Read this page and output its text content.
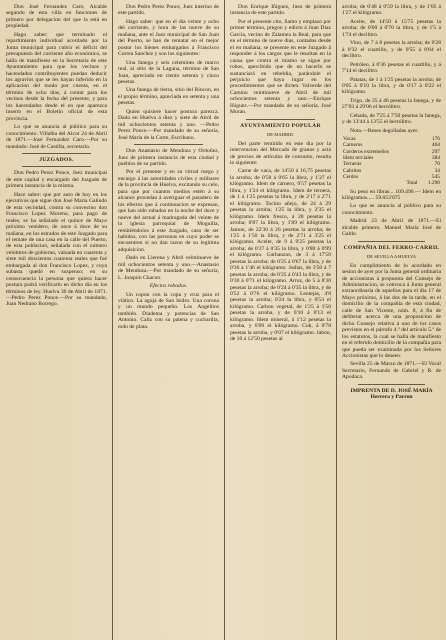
Don José Fernandez Caro, Alcalde segundo de esta villa en funciones de primero por delegacion del que la está en propiedad.

Hago saber: que terminado el repartimiento individual acordado por la Junta municipal para cubrir el déficit del presupuesto del corriente año económico, se halla de manifiesto en la Secretaría de este Ayuntamiento para que los vecinos y hacendados contribuyentes puedan deducir los agravios que se les hayan inferido en la aplicacion del modo por cuenta, en el término de ocho dias, á contar para los vecinos desde la fecha del presente, y para los hacendados desde el en que aparezca inserto en el Boletin oficial de esta provincia.

Lo que se anuncia al público para su conocimiento. Villalba del Alcor 24 de Abril de 1871.—José Fernandez Caro.—Por su mandado: José de Castilla, secretario.

JUZGADOS.

Don Pedro Perez Ponce, Juez municipal de este capital y encargado del Juzgado de primera instancia de la misma.

Hace saber: que por auto de hoy en los ejecutivos que sigue don José Maria Galindo de esta vecindad, contra su convecino don Francisco Lopez Moreno, para pago de reales, se ha señalado el quince de Mayo próximo venidero, de once á doce de su mañana, en los estrados de este Juzgado para el remate de una casa en la calle del Puerto, de esta poblacion, señalada con el número veintitres de gobierno, valuada en cuarenta y siete mil doscientos cuarenta reales que fué embargada al don Francisco Lopez, y cuya subasta quedó en suspenso; en su consecuencia la persona que quiera hacer postura podrá verificarlo en dicho dia en los términos de ley. Huelva 30 de Abril de 1871.—Pedro Perez Ponce.—Por su mandado, Juan Nedrano Borrego.

Don Pedro Perez Ponce, Juez interino de este partido.

Hago saber: que en el dia veinte y ocho del corriente, y hora de las nueve de su mañana, ante el Juez municipal de San Juan del Puerto, se han de rematar en el mejor postor los bienes embargados á Francisco Correa Sanchez y son los siguientes:

Una fanega y seis celemines de marco real, al sitio de la Laguna, término de San Juan, apreciada en ciento setenta y cinco pesetas.

Una fanega de tierra, sitio del Rincon, en el propio término, apreciada en setenta y una pesetas.

Quien quisiere hacer postura parezca. Dado en Huelva á diez y siete de Abril de mil ochocientos setenta y uno. —Pedro Perez Ponce.—Por mandado de su señoría, José María de la Corte, Escribano.

Don Anastasio de Mendoza y Ordoñez, Juez de primera instancia de esta ciudad y pueblos de su partido.

Por el presente y en su virtud ruego y encargo á las autoridades civiles y militares de la provincia de Huelva, excitando su celo, para que por cuantos medios estén á su alcance procedan á averiguar el paradero de los efectos que á continuacion se expresan, que han sido robados en la noche del doce y nueve del actual á madrugada del veinte de la iglesia parroquial de Moguilla, remitiéndolos á este Juzgado, caso de ser habidos, con las personas en cuyo poder se encuentren si no dan razon de su legítima adquisicion.

Dado en Llerena y Abril veintinueve de mil ochocientos setenta y uno.—Anastasio de Mendoza.—Por mandado de su señoría, L. Joaquin Chacon.

Efectos robados.

Un copon con la copa y cruz para el viático. La aguja de San Isidro. Una corona y un mundo pequeño. Los Angelitos también. Diadema y potencias de San Antonio. Caliz con su patena y cucharilla, todo de plata.

Don Enrique Iñiguez, Juez de primera instancia de este partido.

Por el presente cito, llamo y emplazo por primer término, pregon y edicto á Juan Diaz Garcia, vecino de Zalamea la Real, para que en el término de nueve dias, contados desde el en mañana, se presente en este Juzgado á responder á los cargos que le resultan en la causa que contra el mismo se sigue por robos, apercibido que de no hacerlo se sustanciará en rebeldía, parándole el perjuicio que haya lugar en los procedimientos que se dicten. Valverde del Camino veintinueve de Abril de mil ochocientos setenta y uno.—Enrique Iñiguez.—Por mandado de su señoría, José Moran.

AYUNTAMIENTO POPULAR

DE MADRID.

Del parte remitido en este dia por la intervencion del Mercado de granos y acta de precios de artículos de consumo, resulta lo siguiente:

Carne de vaca, de 14'50 á 16,75 pesetas la arroba; de 0'58 á 0'65 la libra, y 1'27 el kilógramo. Idem de carnero, 0'57 pesetas la libra, y 1'24 el kilógramo. Idem de ternera, de 1 á 1'25 pesetas la libra, y de 2'17 á 2'71 el kilógramo. Tocino añejo, de 24 á 29 pesetas la arroba; 1'25 la libra, y 2'35 el kilógramo. Idem fresco, á 20 pesetas la arroba; 0'87 la libra, y 1'89 el kilógramo. Jamon, de 22'30 á 26 pesetas la arroba; de 1'25 á 1'50 la libra, y de 2'71 á 3'25 el kilógramo. Aceite, de 9 á 9'25 pesetas la arroba; de 0'27 á 0'35 la libra, y 0'80 á 0'99 el kilógramo. Garbanzos, de 3 á 17'50 pesetas la arroba; de 0'25 á 0'67 la libra, y de 0'36 á 1'46 el kilógramo. Judias, de 3'50 á 7 pesetas la arroba; de 0'25 á 0'43 la libra, y de 0'30 á 0'71 el kilógramo. Arroz, de 5 á 8'30 pesetas la arroba; de 0'24 á 0'35 la libra, y de 0'52 á 0'76 el kilógramo. Lentejas, 4'8 pesetas la arroba; 0'24 la libra, y 0'53 el kilógramo. Carbon vegetal, de 1'25 á 1'50 pesetas la arroba, y de 0'10 á 0'13 el kilógramo. Idem mineral, á 1'12 pesetas la arroba, y 0'09 el kilógramo. Cok, á 0'78 pesetas la arroba, y 0'07 el kilógramo. Jabon, de 10 á 12'50 pesetas al

arroba; de 0'48 á 0'59 la libra, y de 1'05 á 1'27 el kilógramo.

Aceite, de 14'50 á 15'75 pesetas la arroba; de 0'60 á 0'70 la libra, y de 1'5 á 1'74 el decilitro.

Vino, de 7 á 8 pesetas la arroba; de 0'28 á 0'32 el cuartillo, y de 0'55 á 0'64 el decilitro.

Petróleo, á 0'36 pesetas el cuartillo, y á 7'14 el decilitro.

Patatas, de 1 á 1'25 pesetas la arroba; de 0'05 á 0'10 la libra, y de 0'17 á 0'22 el kilógramo.

Trigo, de 25 á 46 pesetas la fanega, y de 27'03 á 29'06 el hectólitro.

Cebada, de 7'25 á 7'50 pesetas la fanega, y de 13'44 á 13'55 el hectólitro.

Nota.—Reses degolladas ayer.

Vacas	176
Carneros	464
Corderos extremeños	297
Idem terciales	384
Terneras	70
Cabritos	34
Cerdos	545
Total	1.290

Su peso en libras... 109.490.— Idem en kilógramos..... 59.053'075

Lo que se anuncia al público para su conocimiento.

Madrid 23 de Abril de 1871.—El alcalde primero, Manuel María José de Galdo.

COMPAÑIA DEL FERRO-CARRIL

DE SEVILLA A HUELVA

En cumplimiento de lo acordado en sesion de ayer por la Junta general ordinaria de accionistas á propuesta del Consejo de Administracion, se convoca á Junta general extraordinaria de aquellos para el dia 17 de Mayo próximo, á las dos de la tarde, en el domicilio de la compañía de esta ciudad, calle de San Vicente, núm. 8, á fin de deliberar acerca de una proposicion de dicho Consejo relativa á uno de los casos previstos en el párrafo 4.º del artículo 5.º de los estatutos, la cual se halla de manifiesto en el referido domicilio de la compañía para que pueda ser examinada por los Señores Accionistas que lo deseen.

Sevilla 25 de Marzo de 1871.—El Vocal Secretario, Fernando de Gabriel y R. de Apodaca.

IMPRENTA DE D. JOSÉ MARÍA Herrera y Parron
